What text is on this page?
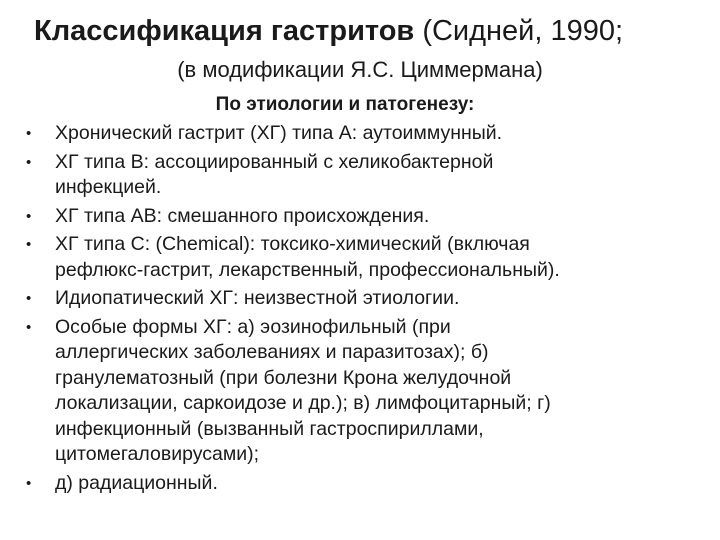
Классификация гастритов (Сидней, 1990;
(в модификации Я.С. Циммермана)
По этиологии и патогенезу:
•	Хронический гастрит (ХГ) типа А: аутоиммунный.
•	ХГ типа В: ассоциированный с хеликобактерной
инфекцией.
•	ХГ типа АВ: смешанного происхождения.
•	ХГ типа С: (Chemical): токсико-химический (включая
рефлюкс-гастрит, лекарственный, профессиональный).
•	Идиопатический ХГ: неизвестной этиологии.
•	Особые формы ХГ: а) эозинофильный (при
аллергических заболеваниях и паразитозах); б)
гранулематозный (при болезни Крона желудочной
локализации, саркоидозе и др.); в) лимфоцитарный; г)
инфекционный (вызванный гастроспириллами,
цитомегаловирусами);
•	д) радиационный.
